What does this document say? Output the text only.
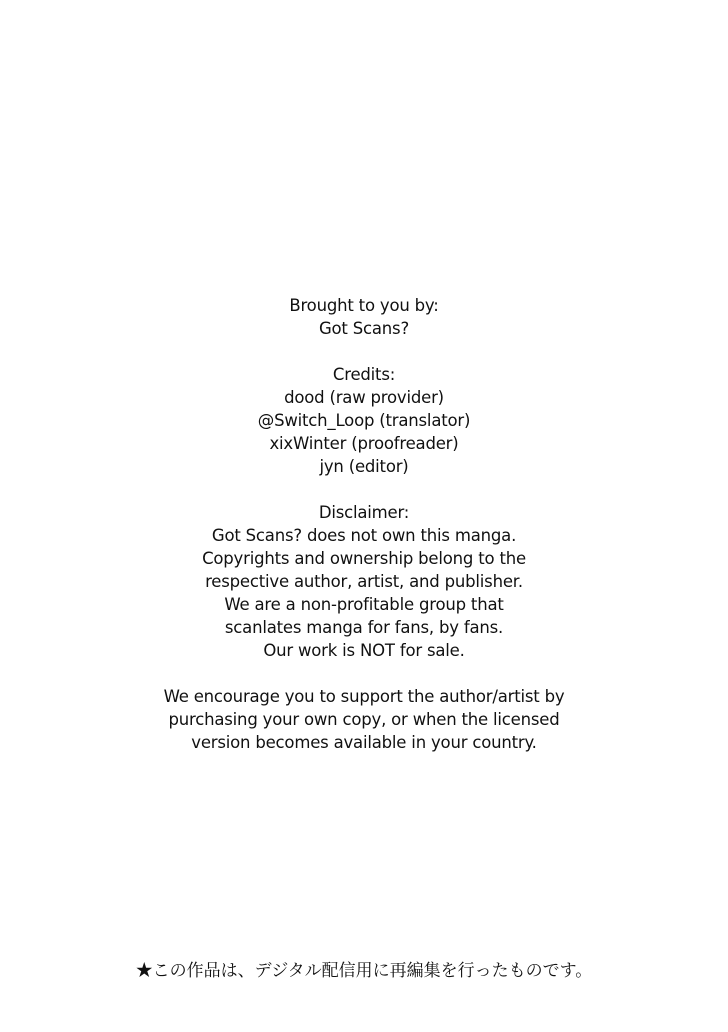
Brought to you by:
Got Scans?
Credits:
dood (raw provider)
@Switch_Loop (translator)
xixWinter (proofreader)
jyn (editor)
Disclaimer:
Got Scans? does not own this manga.
Copyrights and ownership belong to the
respective author, artist, and publisher.
We are a non-profitable group that
scanlates manga for fans, by fans.
Our work is NOT for sale.
We encourage you to support the author/artist by
purchasing your own copy, or when the licensed
version becomes available in your country.
★この作品は、デジタル配信用に再編集を行ったものです。
